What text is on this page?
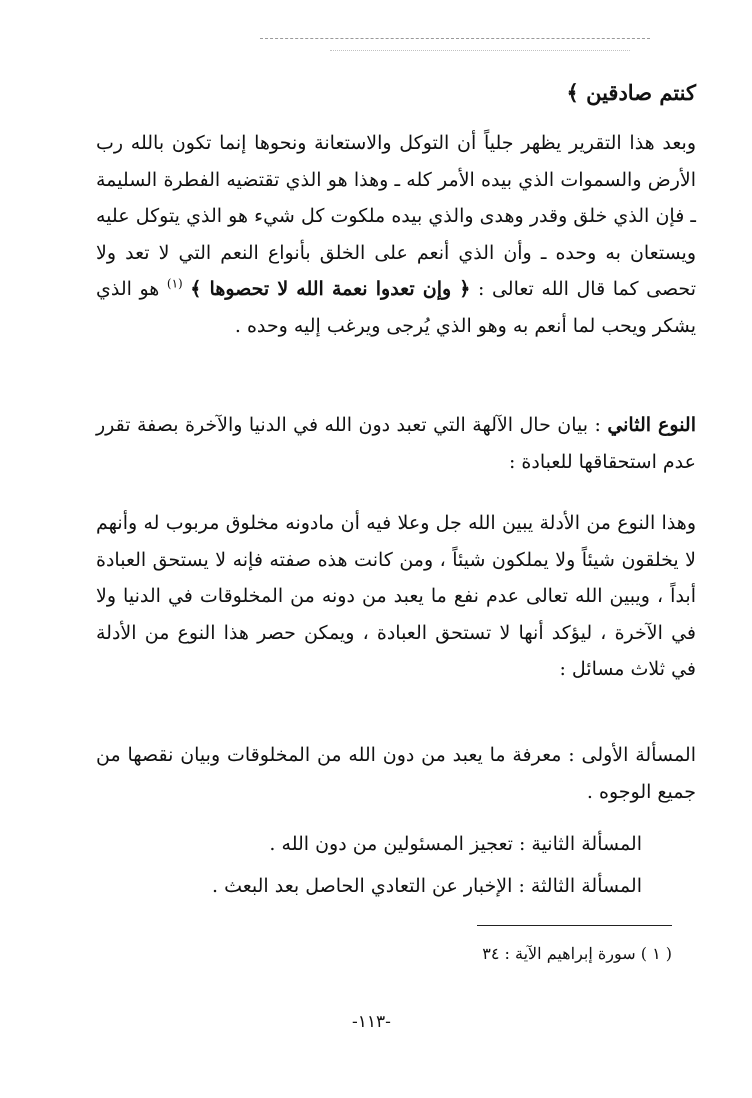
كنتم صادقين ﴾
وبعد هذا التقرير يظهر جلياً أن التوكل والاستعانة ونحوها إنما تكون بالله رب الأرض والسموات الذي بيده الأمر كله ـ وهذا هو الذي تقتضيه الفطرة السليمة ـ فإن الذي خلق وقدر وهدى والذي بيده ملكوت كل شيء هو الذي يتوكل عليه ويستعان به وحده ـ وأن الذي أنعم على الخلق بأنواع النعم التي لا تعد ولا تحصى كما قال الله تعالى : ﴿ وإن تعدوا نعمة الله لا تحصوها ﴾ $^{(١)}$ هو الذي يشكر ويحب لما أنعم به وهو الذي يُرجى ويرغب إليه وحده .
النوع الثاني : بيان حال الآلهة التي تعبد دون الله في الدنيا والآخرة بصفة تقرر عدم استحقاقها للعبادة :
وهذا النوع من الأدلة يبين الله جل وعلا فيه أن مادونه مخلوق مربوب له وأنهم لا يخلقون شيئاً ولا يملكون شيئاً ، ومن كانت هذه صفته فإنه لا يستحق العبادة أبداً ، ويبين الله تعالى عدم نفع ما يعبد من دونه من المخلوقات في الدنيا ولا في الآخرة ، ليؤكد أنها لا تستحق العبادة ، ويمكن حصر هذا النوع من الأدلة في ثلاث مسائل :
المسألة الأولى : معرفة ما يعبد من دون الله من المخلوقات وبيان نقصها من جميع الوجوه .
المسألة الثانية : تعجيز المسئولين من دون الله .
المسألة الثالثة : الإخبار عن التعادي الحاصل بعد البعث .
( ١ ) سورة إبراهيم الآية : ٣٤
-١١٣-
